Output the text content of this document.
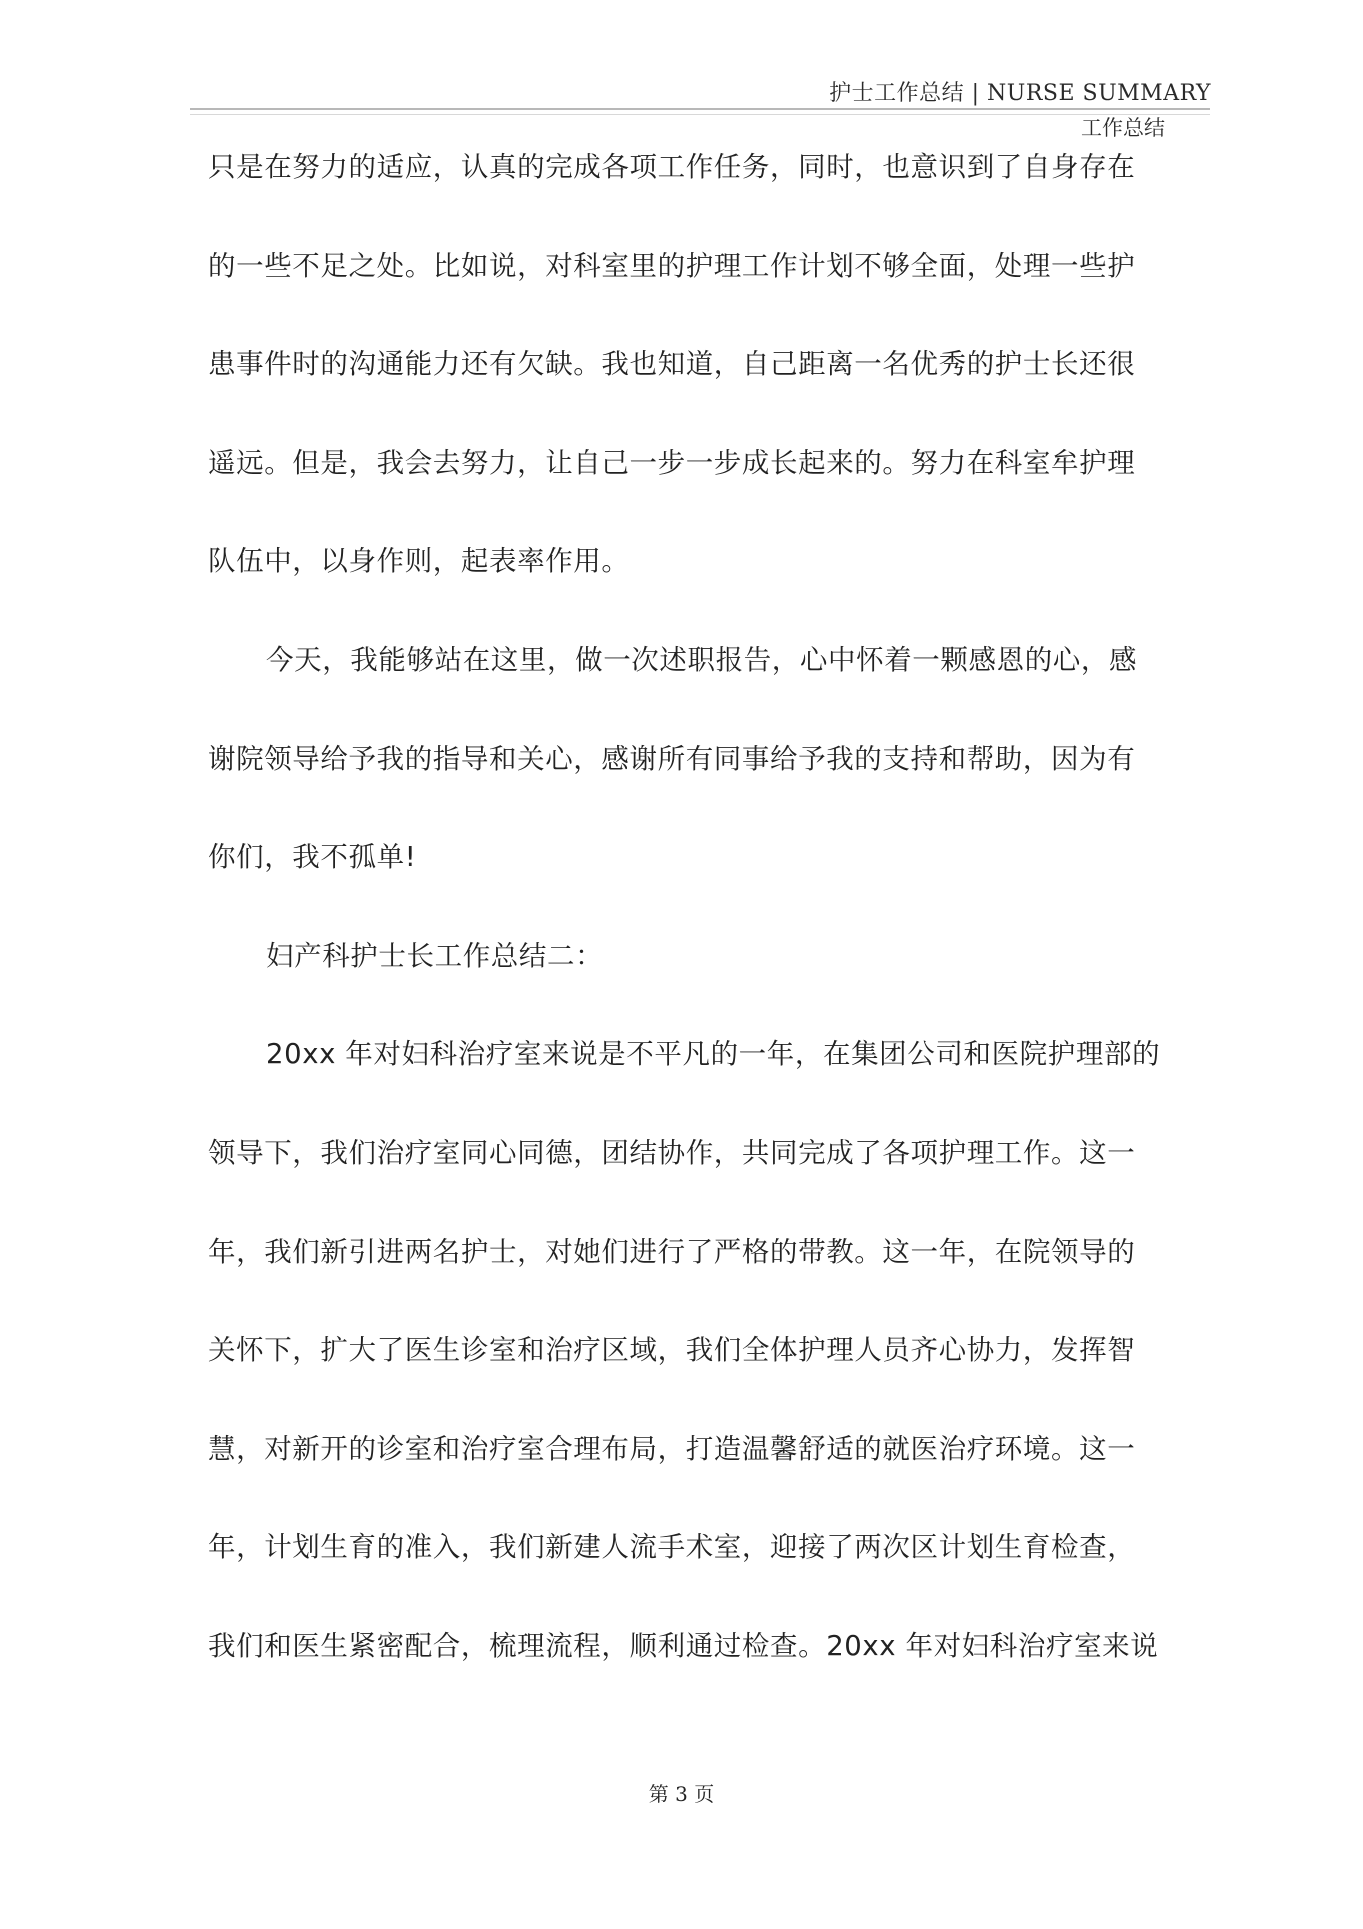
护士工作总结 | NURSE SUMMARY
工作总结
只是在努力的适应，认真的完成各项工作任务，同时，也意识到了自身存在
的一些不足之处。比如说，对科室里的护理工作计划不够全面，处理一些护
患事件时的沟通能力还有欠缺。我也知道，自己距离一名优秀的护士长还很
遥远。但是，我会去努力，让自己一步一步成长起来的。努力在科室牟护理
队伍中，以身作则，起表率作用。
今天，我能够站在这里，做一次述职报告，心中怀着一颗感恩的心，感
谢院领导给予我的指导和关心，感谢所有同事给予我的支持和帮助，因为有
你们，我不孤单!
妇产科护士长工作总结二：
20xx 年对妇科治疗室来说是不平凡的一年，在集团公司和医院护理部的
领导下，我们治疗室同心同德，团结协作，共同完成了各项护理工作。这一
年，我们新引进两名护士，对她们进行了严格的带教。这一年，在院领导的
关怀下，扩大了医生诊室和治疗区域，我们全体护理人员齐心协力，发挥智
慧，对新开的诊室和治疗室合理布局，打造温馨舒适的就医治疗环境。这一
年，计划生育的准入，我们新建人流手术室，迎接了两次区计划生育检查，
我们和医生紧密配合，梳理流程，顺利通过检查。20xx 年对妇科治疗室来说
第 3 页
